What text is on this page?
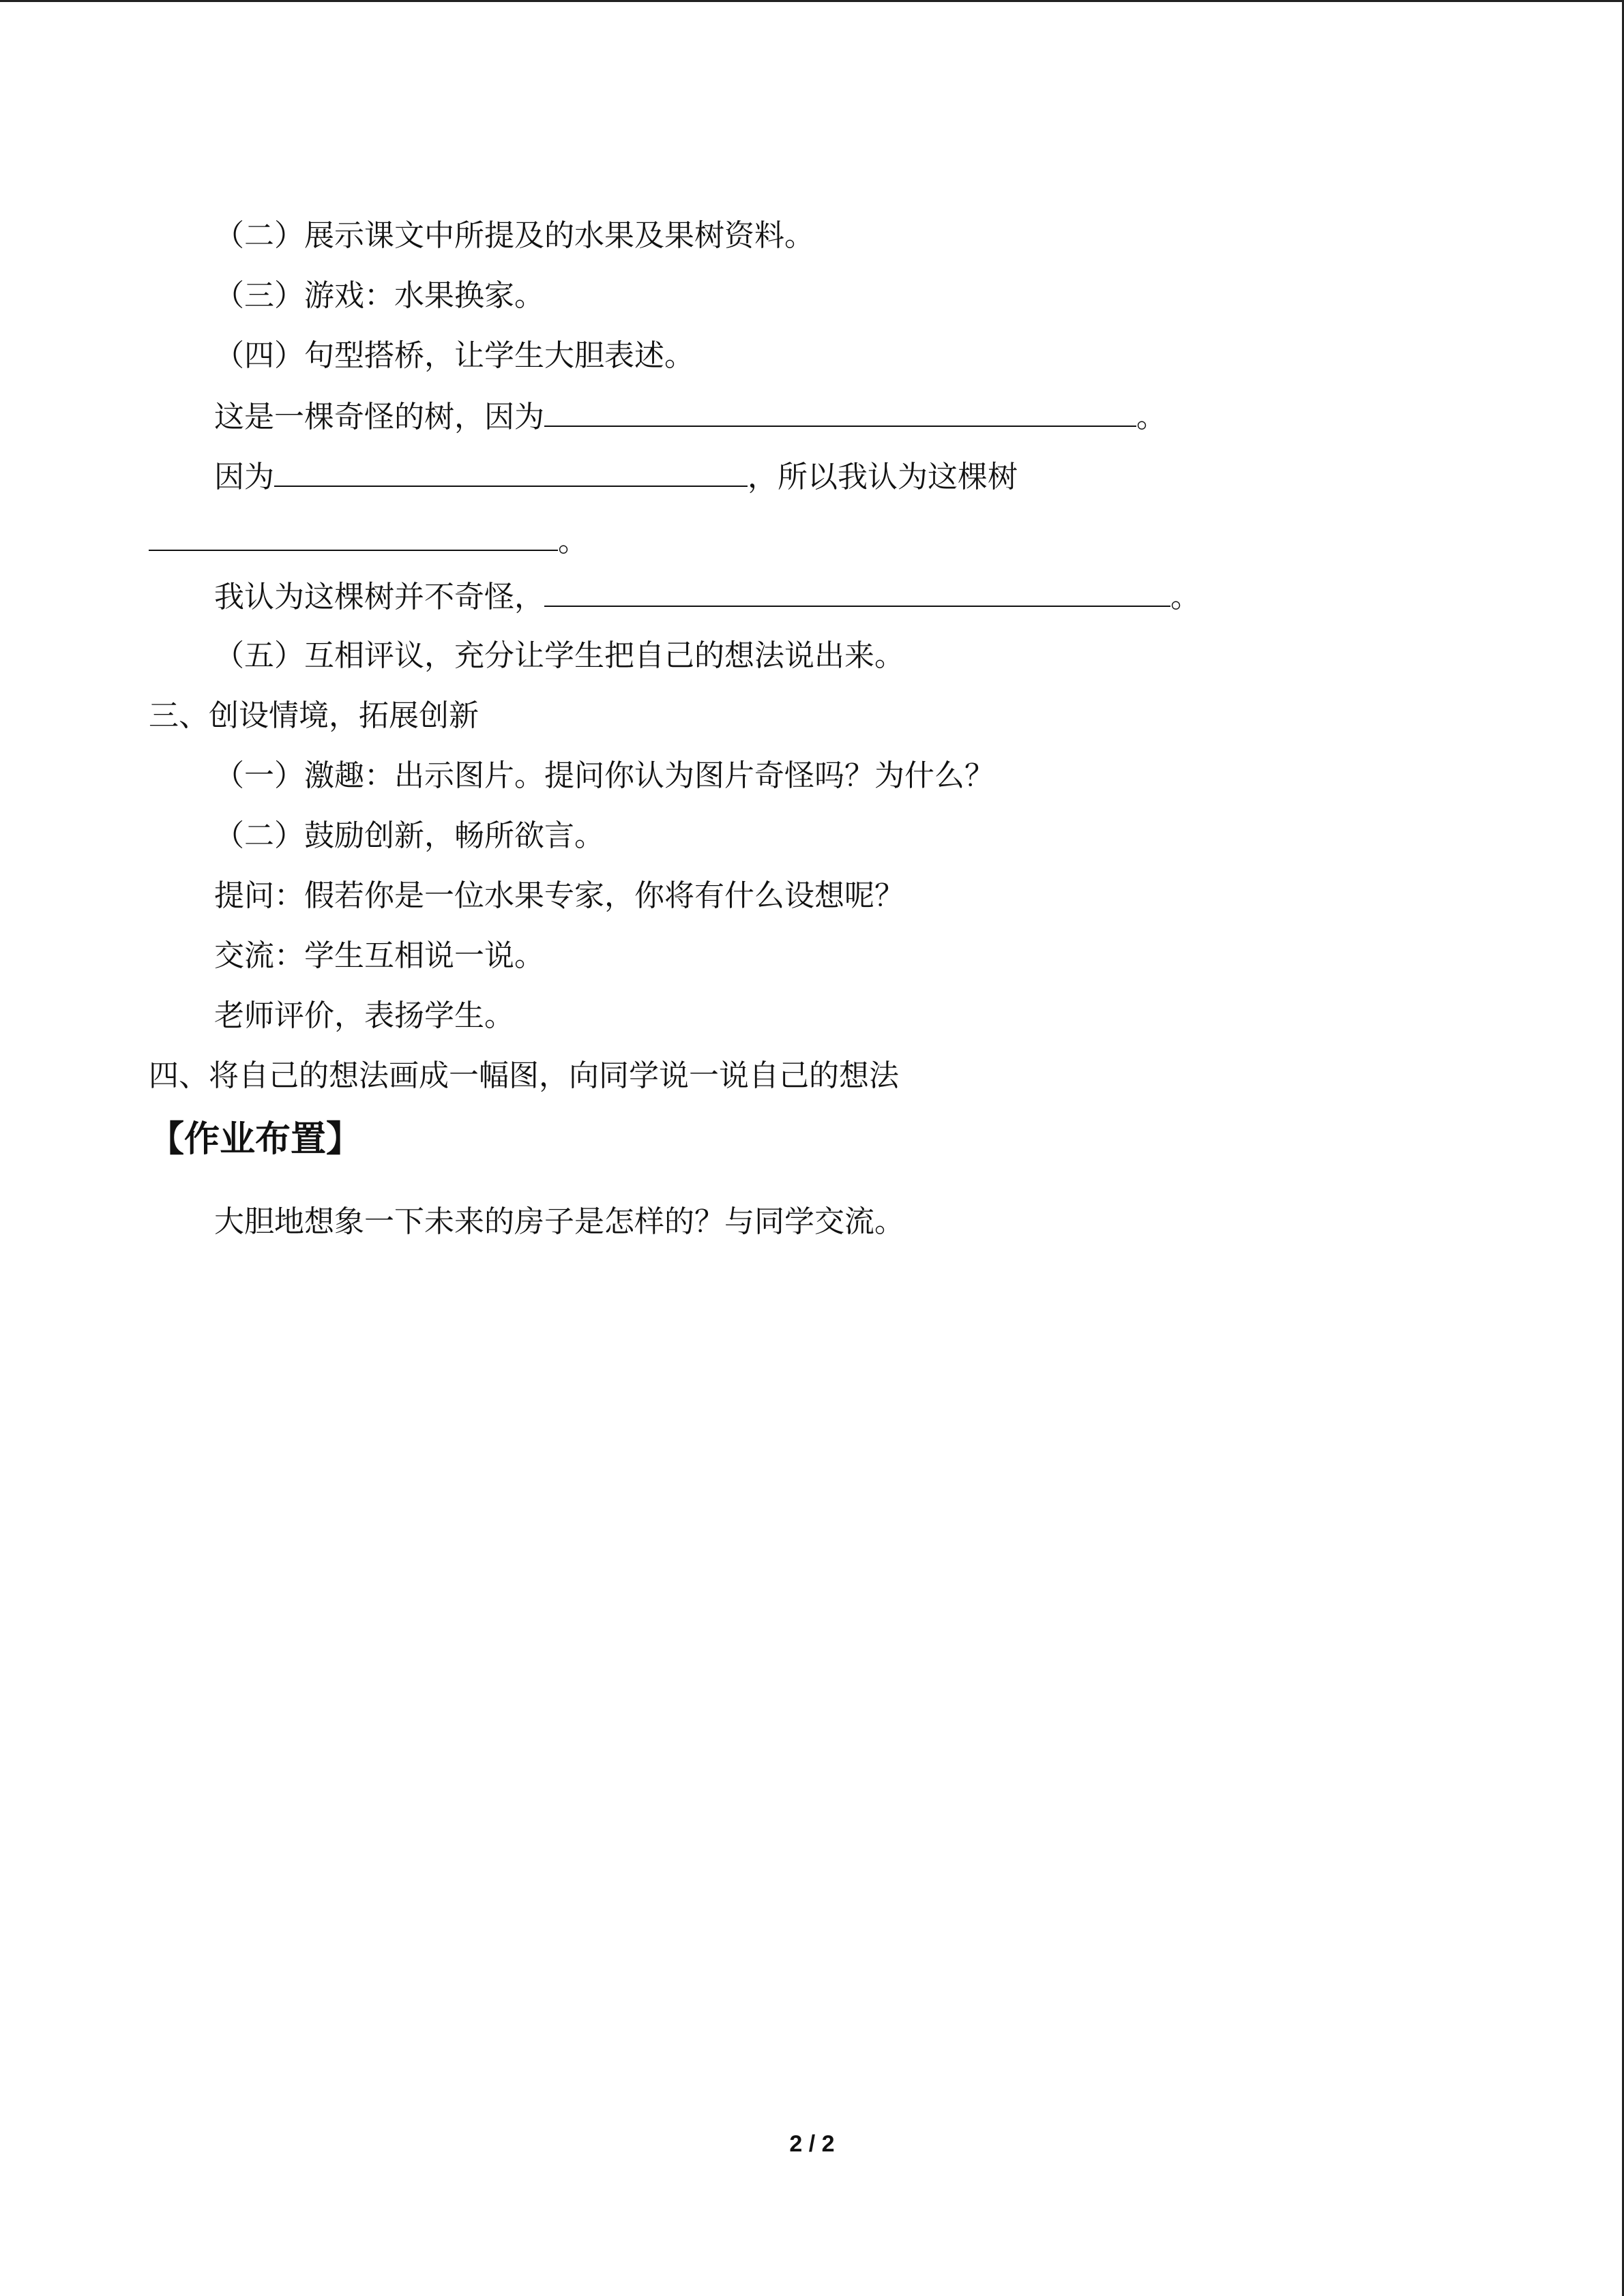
（二）展示课文中所提及的水果及果树资料。
（三）游戏：水果换家。
（四）句型搭桥，让学生大胆表述。
这是一棵奇怪的树，因为	。
因为	，所以我认为这棵树
。
我认为这棵树并不奇怪，	。
（五）互相评议，充分让学生把自己的想法说出来。
三、创设情境，拓展创新
（一）激趣：出示图片。提问你认为图片奇怪吗？为什么？
（二）鼓励创新，畅所欲言。
提问：假若你是一位水果专家，你将有什么设想呢？
交流：学生互相说一说。
老师评价，表扬学生。
四、将自己的想法画成一幅图，向同学说一说自己的想法
【作业布置】
大胆地想象一下未来的房子是怎样的？与同学交流。
2 / 2
